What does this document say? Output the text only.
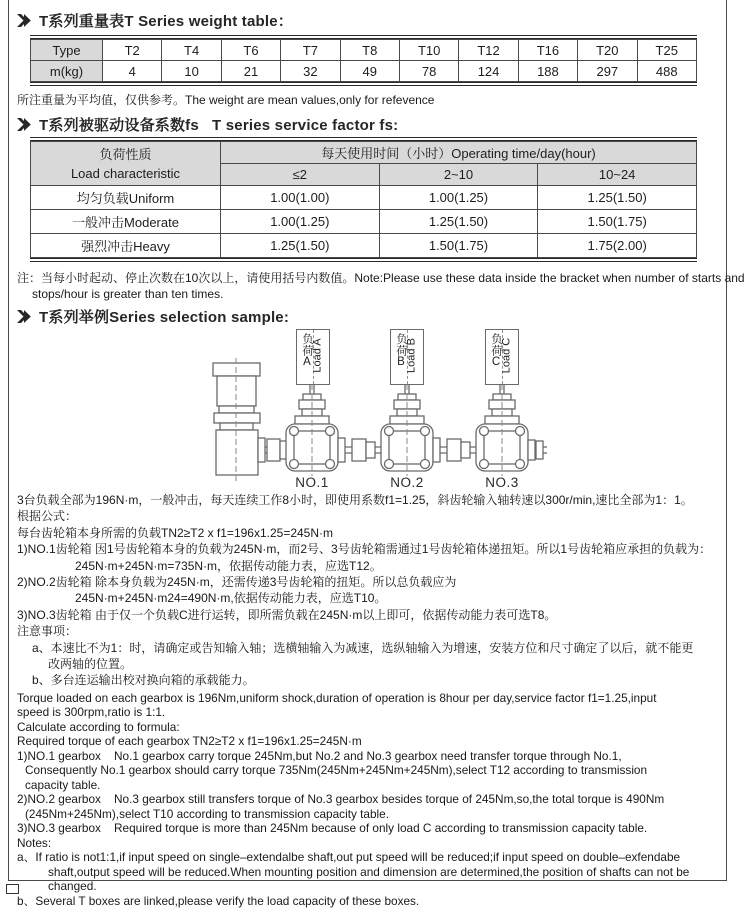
T系列重量表T Series weight table：
Type	T2	T4	T6	T7	T8	T10	T12	T16	T20	T25
m(kg)	4	10	21	32	49	78	124	188	297	488
所注重量为平均值，仅供参考。The weight are mean values,only for refevence
T系列被驱动设备系数fs   T series service factor fs:
负荷性质
Load characteristic	每天使用时间（小时）Operating time/day(hour)		
	≤2	2~10	10~24
均匀负载Uniform	1.00(1.00)	1.00(1.25)	1.25(1.50)
一般冲击Moderate	1.00(1.25)	1.25(1.50)	1.50(1.75)
强烈冲击Heavy	1.25(1.50)	1.50(1.75)	1.75(2.00)
注：当每小时起动、停止次数在10次以上，请使用括号内数值。Note:Please use these data inside the bracket when number of starts and
stops/hour is greater than ten times.
T系列举例Series selection sample:
负荷A
Load A	负荷B
Load B	负荷C
Load C
NO.1	NO.2	NO.3
3台负载全部为196N·m，一般冲击，每天连续工作8小时，即使用系数f1=1.25，斜齿轮输入轴转速以300r/min,速比全部为1：1。
根据公式：
每台齿轮箱本身所需的负载TN2≥T2 x f1=196x1.25=245N·m
1)NO.1齿轮箱 因1号齿轮箱本身的负载为245N·m，而2号、3号齿轮箱需通过1号齿轮箱体递扭矩。所以1号齿轮箱应承担的负载为：
245N·m+245N·m=735N·m，依据传动能力表，应选T12。
2)NO.2齿轮箱 除本身负载为245N·m，还需传递3号齿轮箱的扭矩。所以总负载应为
245N·m+245N·m24=490N·m,依据传动能力表，应选T10。
3)NO.3齿轮箱 由于仅一个负载C进行运转，即所需负载在245N·m以上即可，依据传动能力表可选T8。
注意事项：
a、本速比不为1：时，请确定或告知输入轴；选横轴输入为减速，选纵轴输入为增速，安装方位和尺寸确定了以后，就不能更
改两轴的位置。
b、多台连运输出校对换向箱的承载能力。
Torque loaded on each gearbox is 196Nm,uniform shock,duration of operation is 8hour per day,service factor f1=1.25,input
speed is 300rpm,ratio is 1:1.
Calculate according to formula:
Required torque of each gearbox TN2≥T2 x f1=196x1.25=245N·m
1)NO.1 gearbox    No.1 gearbox carry torque 245Nm,but No.2 and No.3 gearbox need transfer torque through No.1,
Consequently No.1 gearbox should carry torque 735Nm(245Nm+245Nm+245Nm),select T12 according to transmission
capacity table.
2)NO.2 gearbox    No.3 gearbox still transfers torque of No.3 gearbox besides torque of 245Nm,so,the total torque is 490Nm
(245Nm+245Nm),select T10 according to transmission capacity table.
3)NO.3 gearbox    Required torque is more than 245Nm because of only load C according to transmission capacity table.
Notes:
a、If ratio is not1:1,if input speed on single–extendalbe shaft,out put speed will be reduced;if input speed on double–exfendabe
shaft,output speed will be reduced.When mounting position and dimension are determined,the position of shafts can not be
changed.
b、Several T boxes are linked,please verify the load capacity of these boxes.
